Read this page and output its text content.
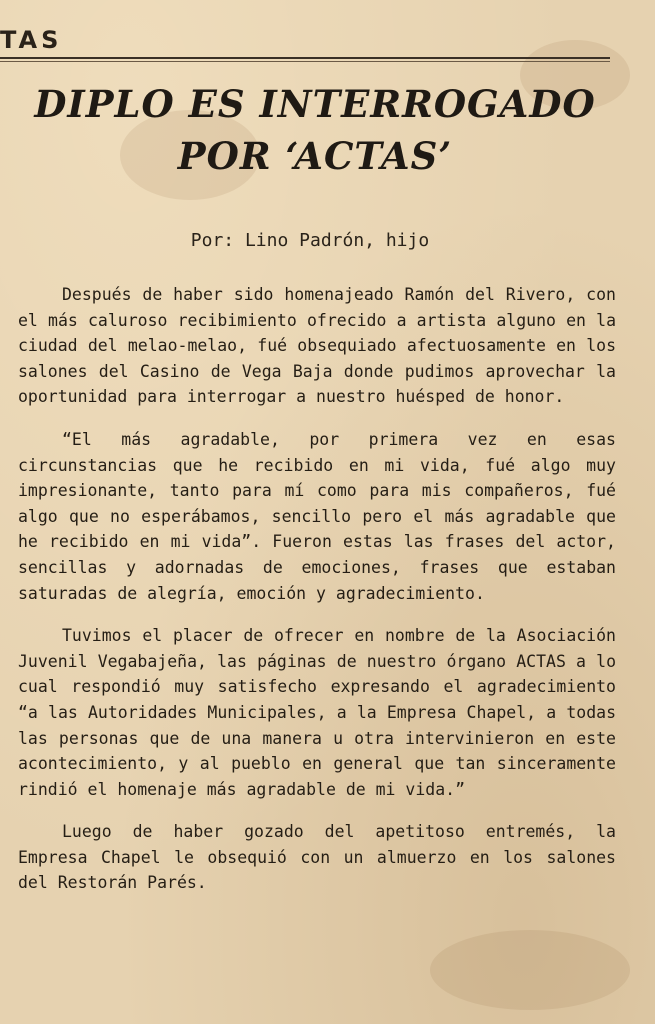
TAS
DIPLO ES INTERROGADO
POR ‘ACTAS’
Por: Lino Padrón, hijo

Después de haber sido homenajeado Ramón del Rivero, con el más caluroso recibimiento ofrecido a artista alguno en la ciudad del melao-melao, fué obsequiado afectuosamente en los salones del Casino de Vega Baja donde pudimos aprovechar la oportunidad para interrogar a nuestro huésped de honor.

“El más agradable, por primera vez en esas circunstancias que he recibido en mi vida, fué algo muy impresionante, tanto para mí como para mis compañeros, fué algo que no esperábamos, sencillo pero el más agradable que he recibido en mi vida”. Fueron estas las frases del actor, sencillas y adornadas de emociones, frases que estaban saturadas de alegría, emoción y agradecimiento.

Tuvimos el placer de ofrecer en nombre de la Asociación Juvenil Vegabajeña, las páginas de nuestro órgano ACTAS a lo cual respondió muy satisfecho expresando el agradecimiento “a las Autoridades Municipales, a la Empresa Chapel, a todas las personas que de una manera u otra intervinieron en este acontecimiento, y al pueblo en general que tan sinceramente rindió el homenaje más agradable de mi vida.”

Luego de haber gozado del apetitoso entremés, la Empresa Chapel le obsequió con un almuerzo en los salones del Restorán Parés.
